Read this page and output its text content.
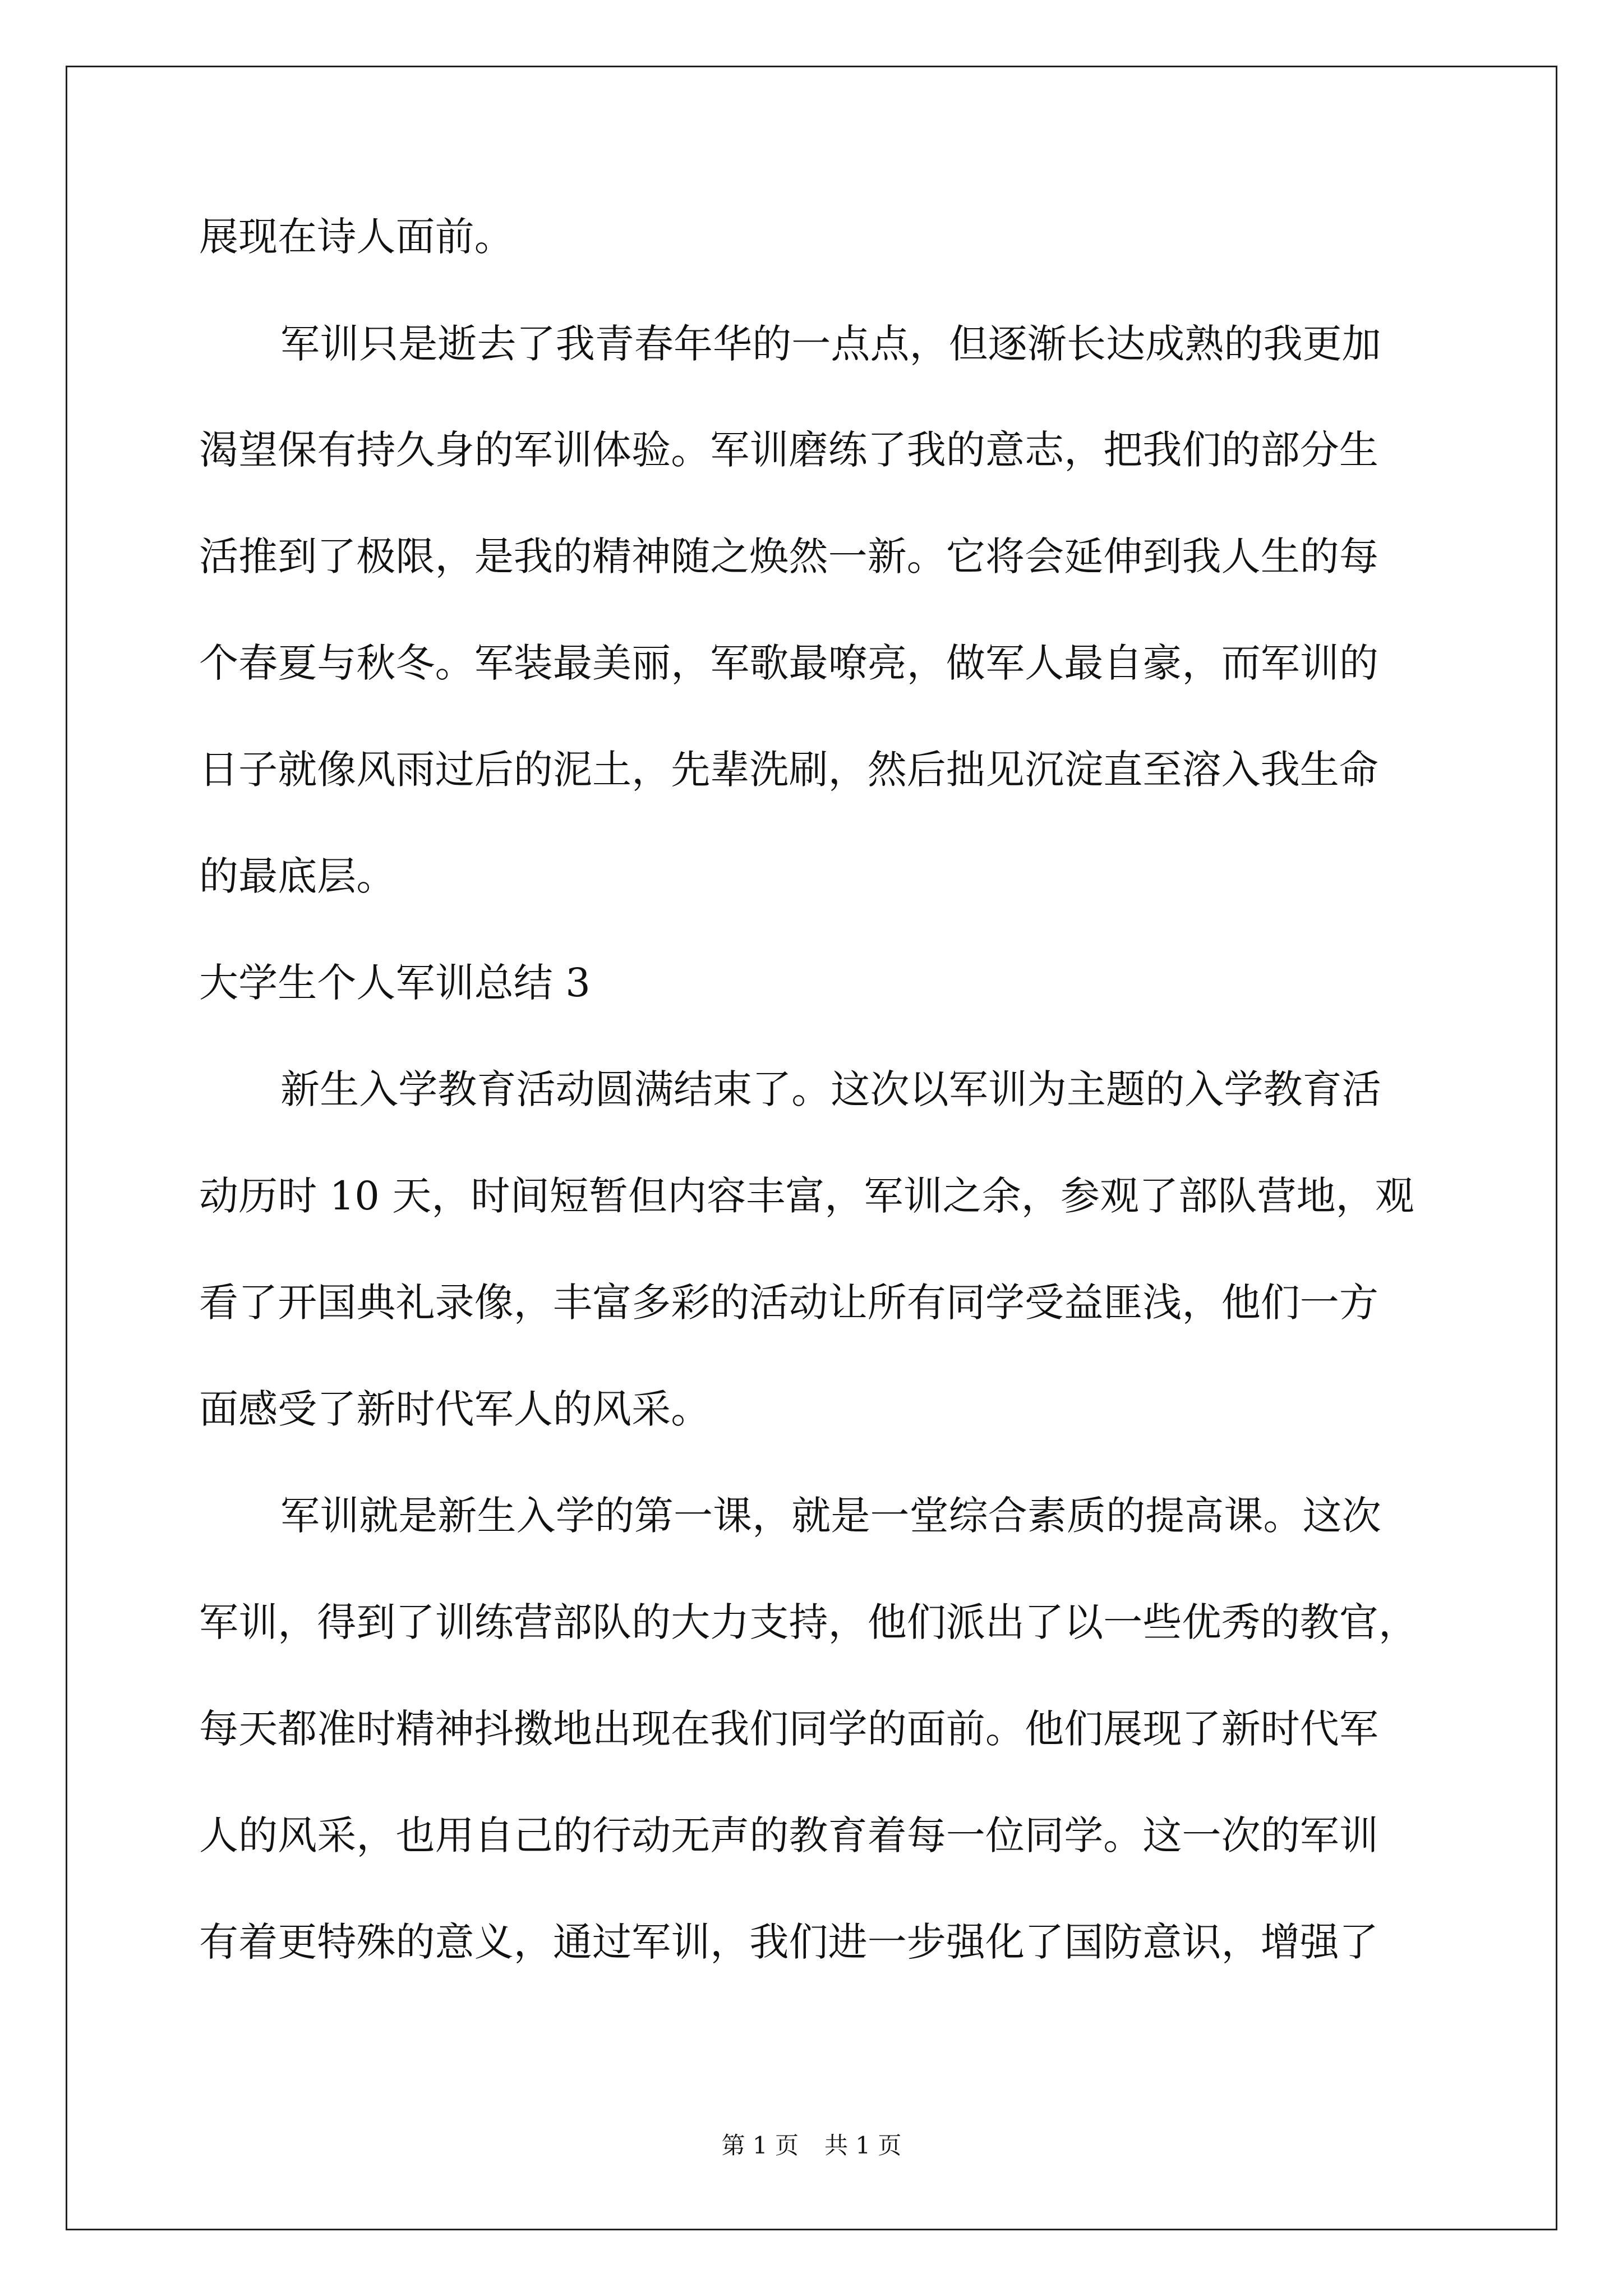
展现在诗人面前。
军训只是逝去了我青春年华的一点点，但逐渐长达成熟的我更加
渴望保有持久身的军训体验。军训磨练了我的意志，把我们的部分生
活推到了极限，是我的精神随之焕然一新。它将会延伸到我人生的每
个春夏与秋冬。军装最美丽，军歌最嘹亮，做军人最自豪，而军训的
日子就像风雨过后的泥土，先辈洗刷，然后拙见沉淀直至溶入我生命
的最底层。
大学生个人军训总结 3
新生入学教育活动圆满结束了。这次以军训为主题的入学教育活
动历时 10 天，时间短暂但内容丰富，军训之余，参观了部队营地，观
看了开国典礼录像，丰富多彩的活动让所有同学受益匪浅，他们一方
面感受了新时代军人的风采。
军训就是新生入学的第一课，就是一堂综合素质的提高课。这次
军训，得到了训练营部队的大力支持，他们派出了以一些优秀的教官，
每天都准时精神抖擞地出现在我们同学的面前。他们展现了新时代军
人的风采，也用自己的行动无声的教育着每一位同学。这一次的军训
有着更特殊的意义，通过军训，我们进一步强化了国防意识，增强了
第 1 页 共 1 页
